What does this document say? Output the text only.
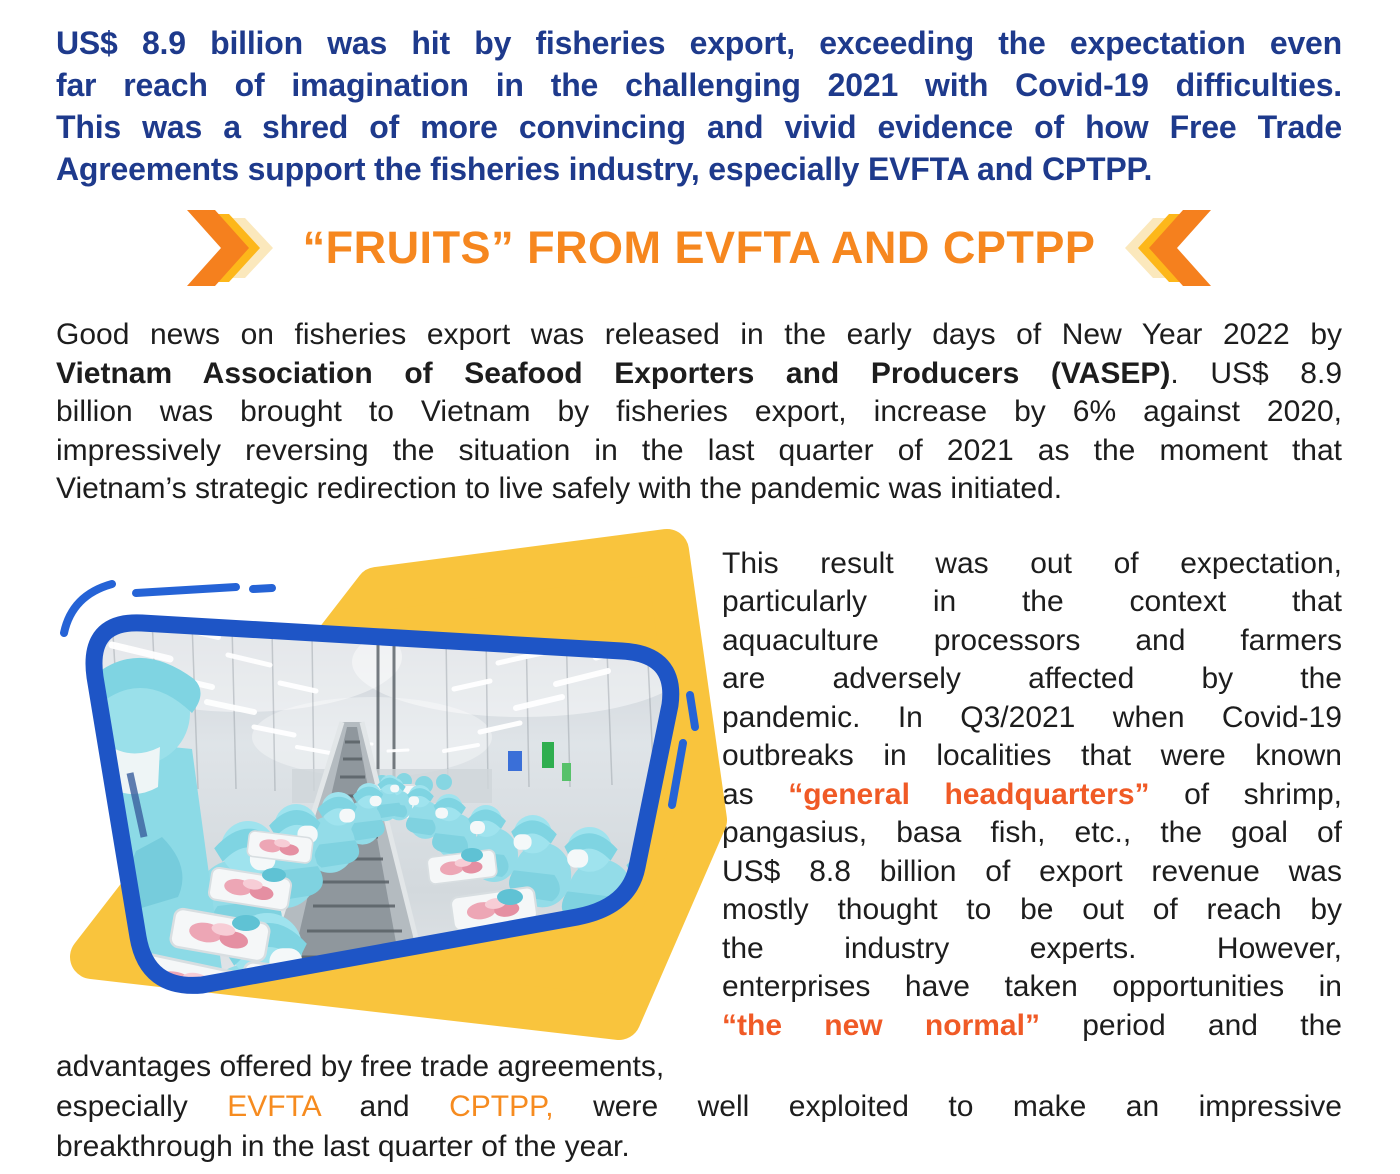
US$ 8.9 billion was hit by fisheries export, exceeding the expectation even
far reach of imagination in the challenging 2021 with Covid-19 difficulties.
This was a shred of more convincing and vivid evidence of how Free Trade
Agreements support the fisheries industry, especially EVFTA and CPTPP.
“FRUITS” FROM EVFTA AND CPTPP
Good news on fisheries export was released in the early days of New Year 2022 by
Vietnam Association of Seafood Exporters and Producers (VASEP). US$ 8.9
billion was brought to Vietnam by fisheries export, increase by 6% against 2020,
impressively reversing the situation in the last quarter of 2021 as the moment that
Vietnam’s strategic redirection to live safely with the pandemic was initiated.
This result was out of expectation,
particularly in the context that
aquaculture processors and farmers
are adversely affected by the
pandemic. In Q3/2021 when Covid-19
outbreaks in localities that were known
as “general headquarters” of shrimp,
pangasius, basa fish, etc., the goal of
US$ 8.8 billion of export revenue was
mostly thought to be out of reach by
the industry experts. However,
enterprises have taken opportunities in
“the new normal” period and the
advantages offered by free trade agreements,
especially EVFTA and CPTPP, were well exploited to make an impressive
breakthrough in the last quarter of the year.
